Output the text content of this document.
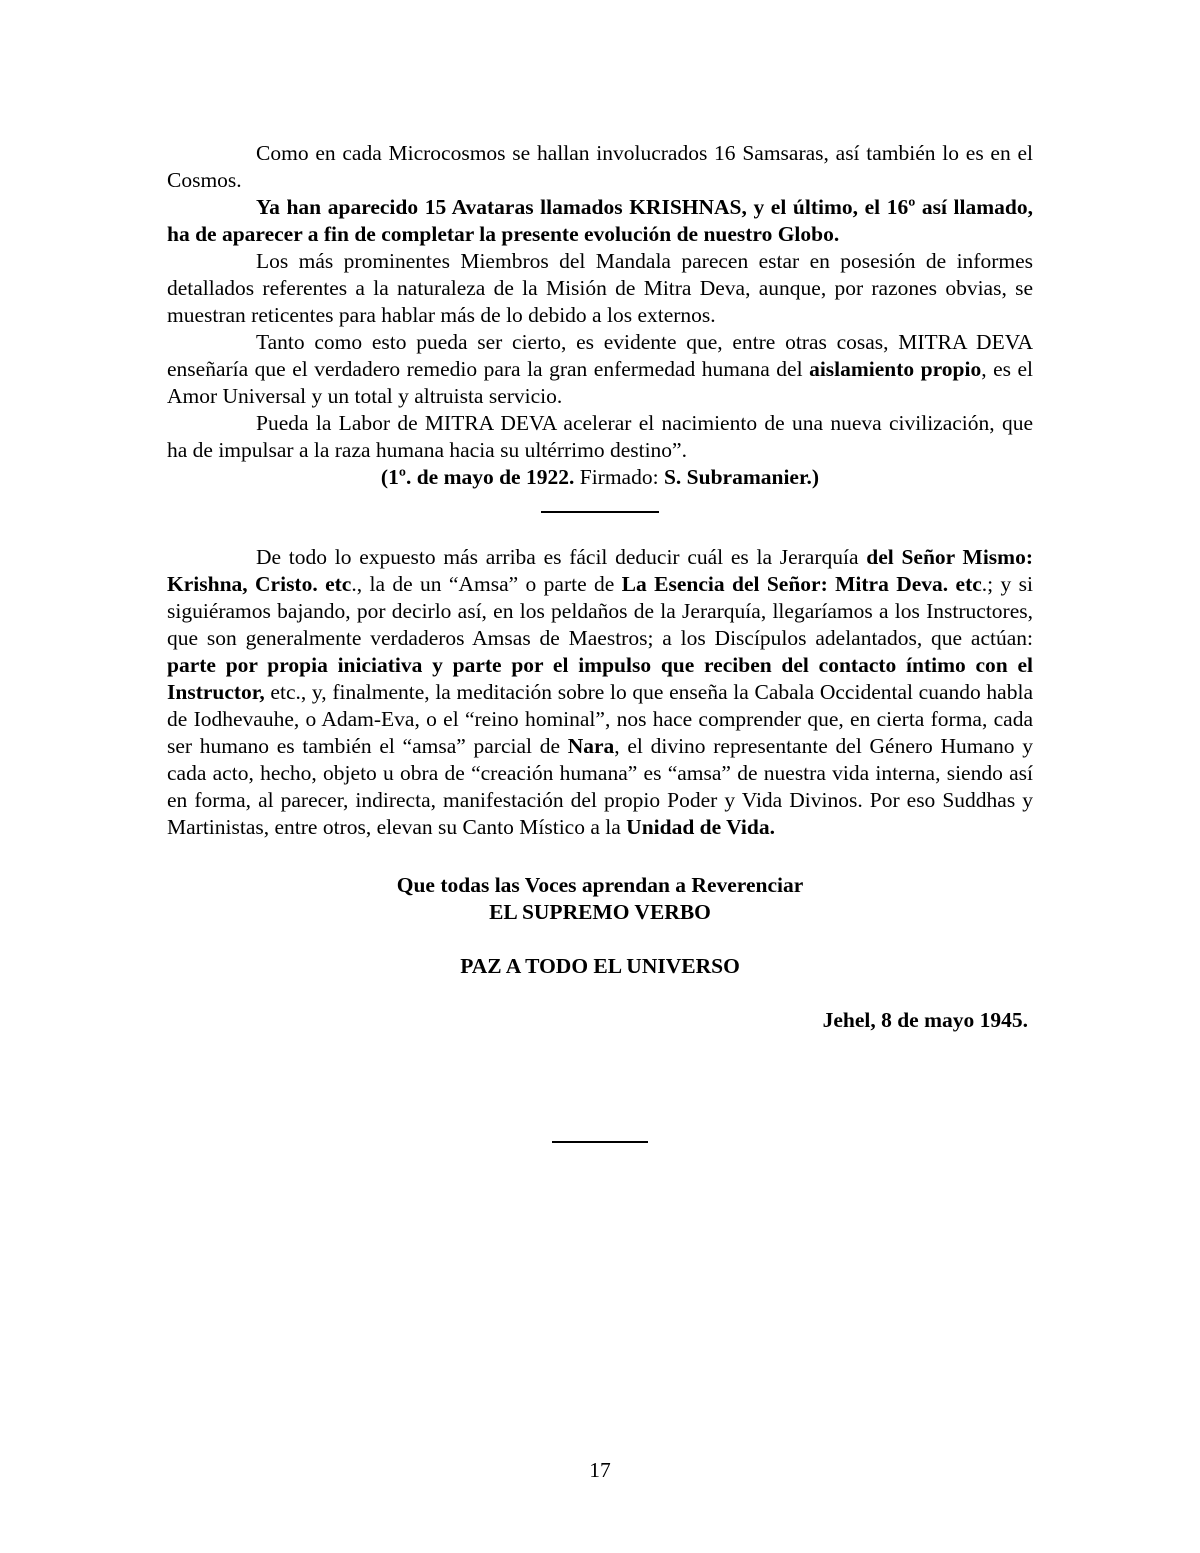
Como en cada Microcosmos se hallan involucrados 16 Samsaras, así también lo es en el Cosmos.

Ya han aparecido 15 Avataras llamados KRISHNAS, y el último, el 16º así llamado, ha de aparecer a fin de completar la presente evolución de nuestro Globo.

Los más prominentes Miembros del Mandala parecen estar en posesión de informes detallados referentes a la naturaleza de la Misión de Mitra Deva, aunque, por razones obvias, se muestran reticentes para hablar más de lo debido a los externos.

Tanto como esto pueda ser cierto, es evidente que, entre otras cosas, MITRA DEVA enseñaría que el verdadero remedio para la gran enfermedad humana del aislamiento propio, es el Amor Universal y un total y altruista servicio.

Pueda la Labor de MITRA DEVA acelerar el nacimiento de una nueva civilización, que ha de impulsar a la raza humana hacia su ultérrimo destino”.

(1º. de mayo de 1922. Firmado: S. Subramanier.)

De todo lo expuesto más arriba es fácil deducir cuál es la Jerarquía del Señor Mismo: Krishna, Cristo. etc., la de un “Amsa” o parte de La Esencia del Señor: Mitra Deva. etc.; y si siguiéramos bajando, por decirlo así, en los peldaños de la Jerarquía, llegaríamos a los Instructores, que son generalmente verdaderos Amsas de Maestros; a los Discípulos adelantados, que actúan: parte por propia iniciativa y parte por el impulso que reciben del contacto íntimo con el Instructor, etc., y, finalmente, la meditación sobre lo que enseña la Cabala Occidental cuando habla de Iodhevauhe, o Adam-Eva, o el “reino hominal”, nos hace comprender que, en cierta forma, cada ser humano es también el “amsa” parcial de Nara, el divino representante del Género Humano y cada acto, hecho, objeto u obra de “creación humana” es “amsa” de nuestra vida interna, siendo así en forma, al parecer, indirecta, manifestación del propio Poder y Vida Divinos. Por eso Suddhas y Martinistas, entre otros, elevan su Canto Místico a la Unidad de Vida.

Que todas las Voces aprendan a Reverenciar

EL SUPREMO VERBO

PAZ A TODO EL UNIVERSO

Jehel, 8 de mayo 1945.

17
